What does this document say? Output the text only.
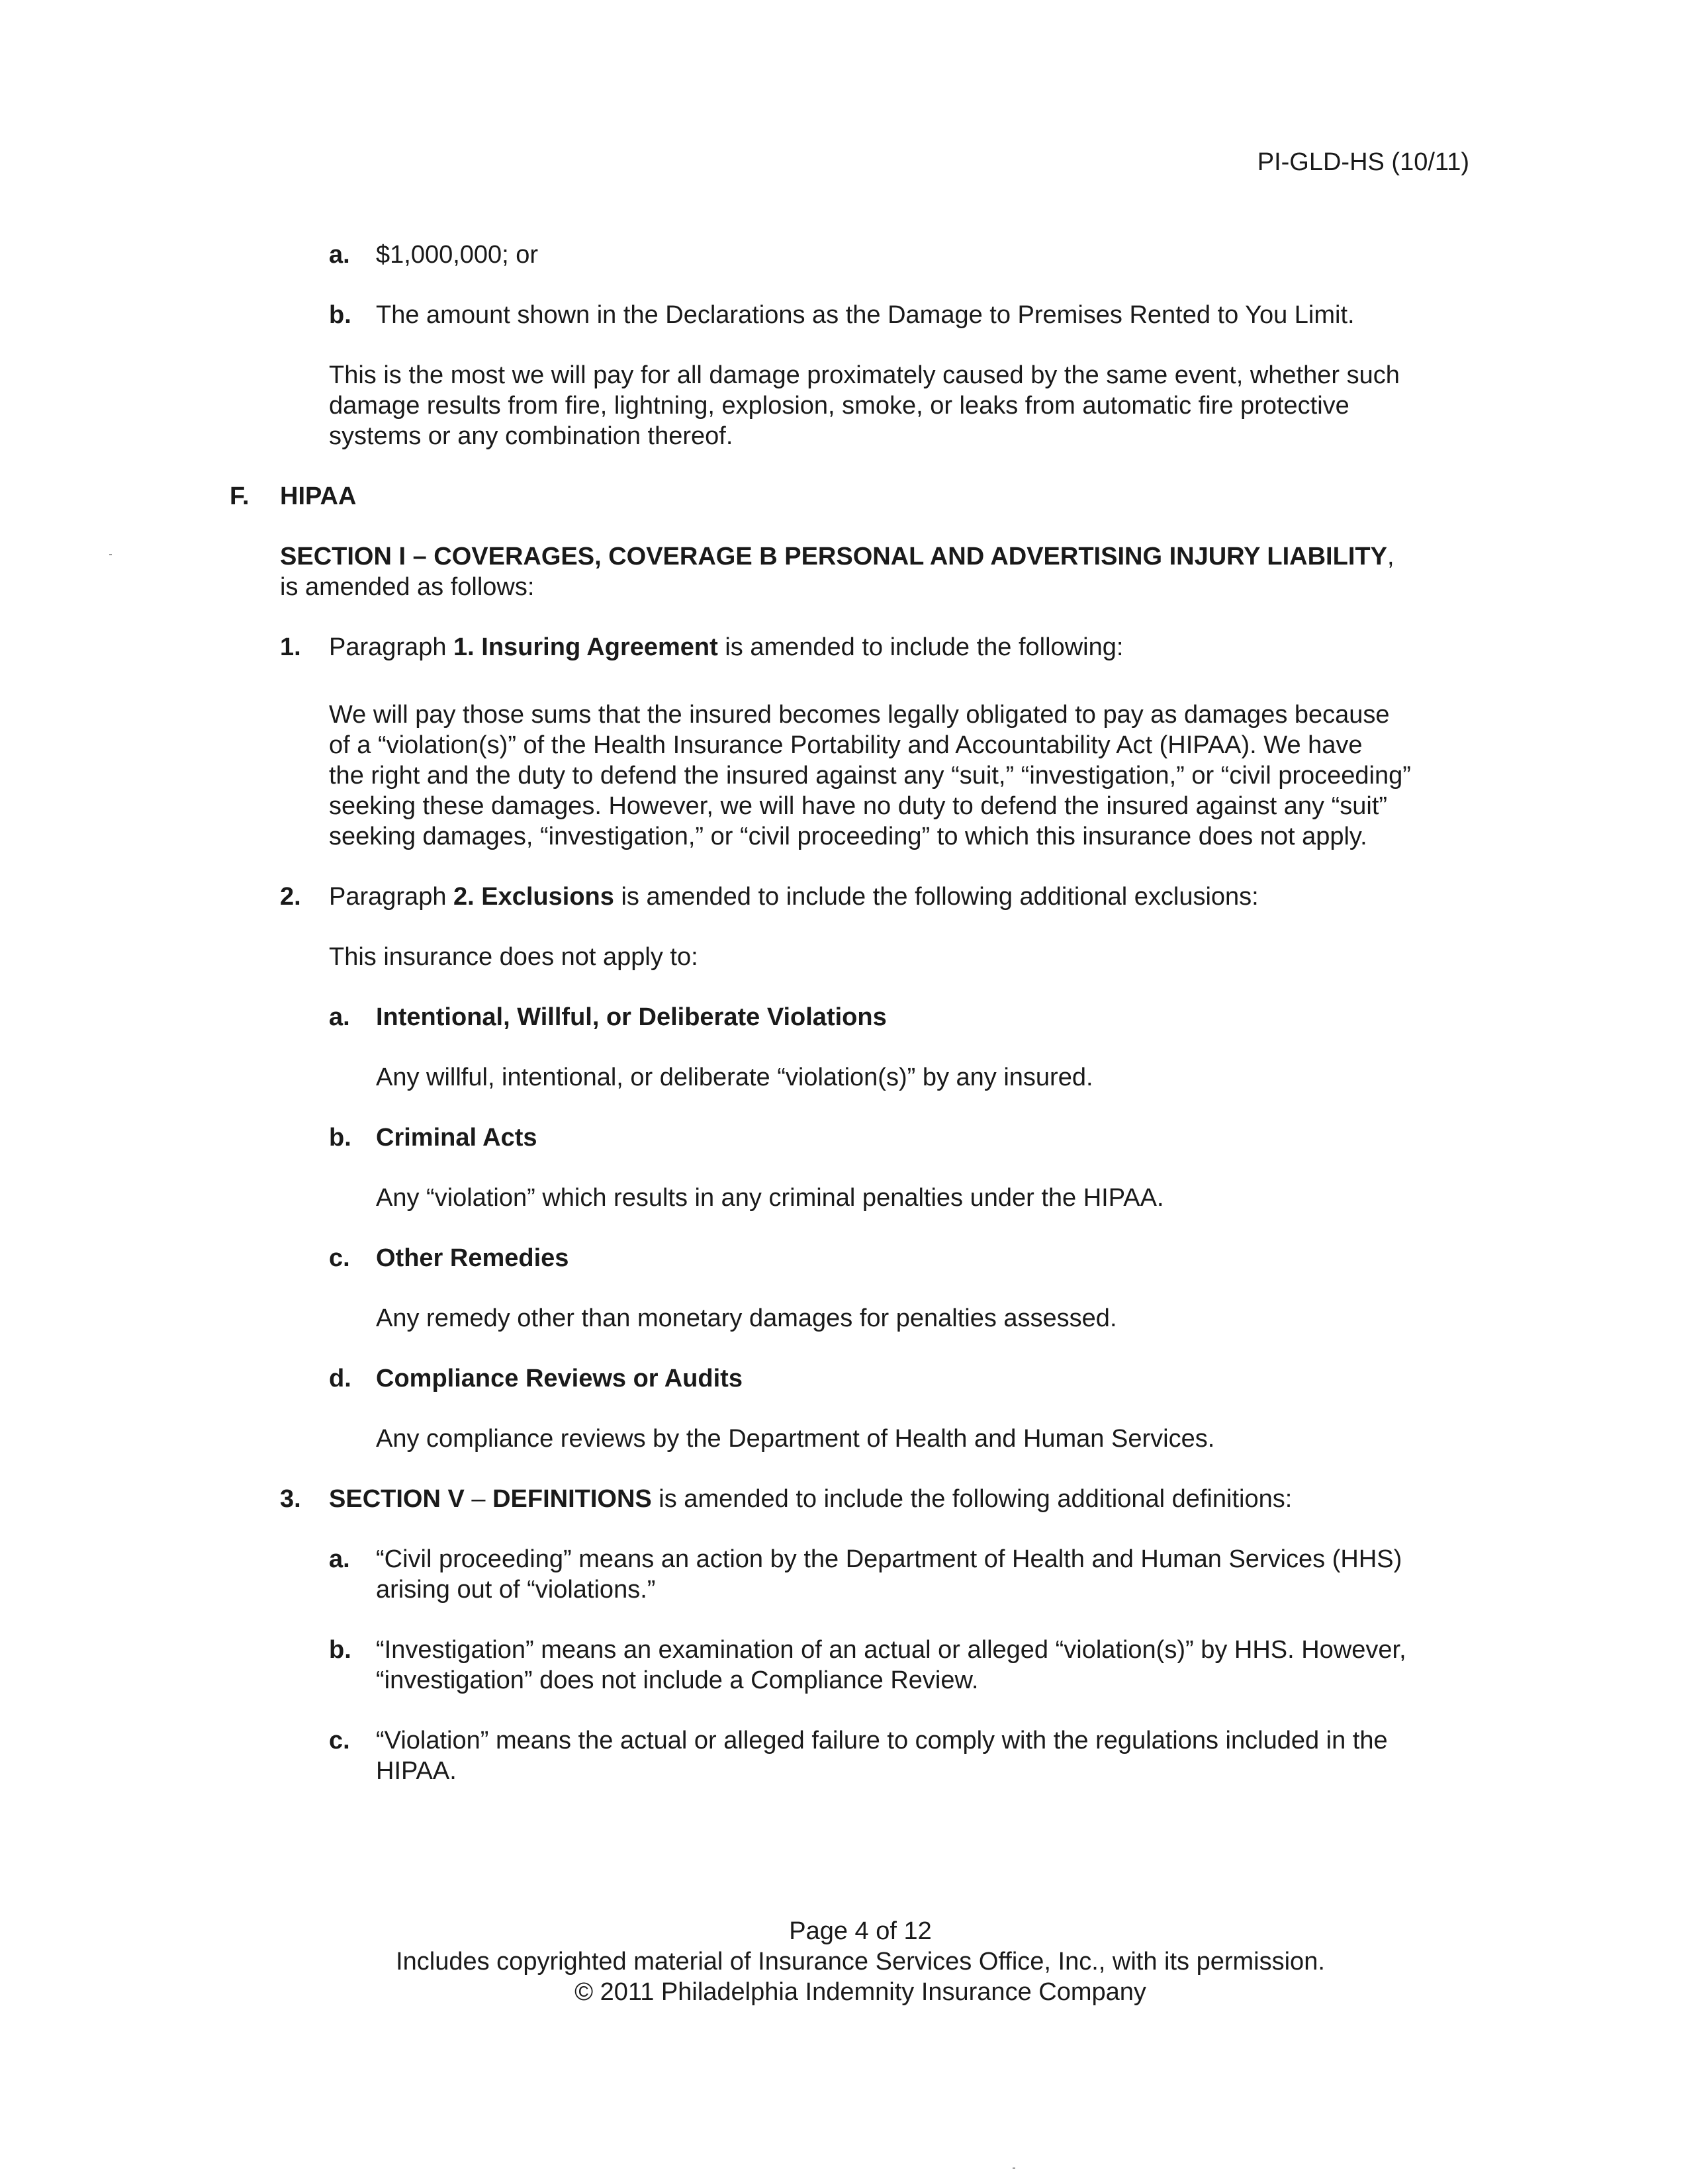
PI-GLD-HS (10/11)
a. $1,000,000; or
b. The amount shown in the Declarations as the Damage to Premises Rented to You Limit.
This is the most we will pay for all damage proximately caused by the same event, whether such
damage results from fire, lightning, explosion, smoke, or leaks from automatic fire protective
systems or any combination thereof.
F. HIPAA
SECTION I – COVERAGES, COVERAGE B PERSONAL AND ADVERTISING INJURY LIABILITY,
is amended as follows:
1. Paragraph 1. Insuring Agreement is amended to include the following:
We will pay those sums that the insured becomes legally obligated to pay as damages because
of a “violation(s)” of the Health Insurance Portability and Accountability Act (HIPAA). We have
the right and the duty to defend the insured against any “suit,” “investigation,” or “civil proceeding”
seeking these damages. However, we will have no duty to defend the insured against any “suit”
seeking damages, “investigation,” or “civil proceeding” to which this insurance does not apply.
2. Paragraph 2. Exclusions is amended to include the following additional exclusions:
This insurance does not apply to:
a. Intentional, Willful, or Deliberate Violations
Any willful, intentional, or deliberate “violation(s)” by any insured.
b. Criminal Acts
Any “violation” which results in any criminal penalties under the HIPAA.
c. Other Remedies
Any remedy other than monetary damages for penalties assessed.
d. Compliance Reviews or Audits
Any compliance reviews by the Department of Health and Human Services.
3. SECTION V – DEFINITIONS is amended to include the following additional definitions:
a. “Civil proceeding” means an action by the Department of Health and Human Services (HHS)
arising out of “violations.”
b. “Investigation” means an examination of an actual or alleged “violation(s)” by HHS. However,
“investigation” does not include a Compliance Review.
c. “Violation” means the actual or alleged failure to comply with the regulations included in the
HIPAA.
Page 4 of 12
Includes copyrighted material of Insurance Services Office, Inc., with its permission.
© 2011 Philadelphia Indemnity Insurance Company
